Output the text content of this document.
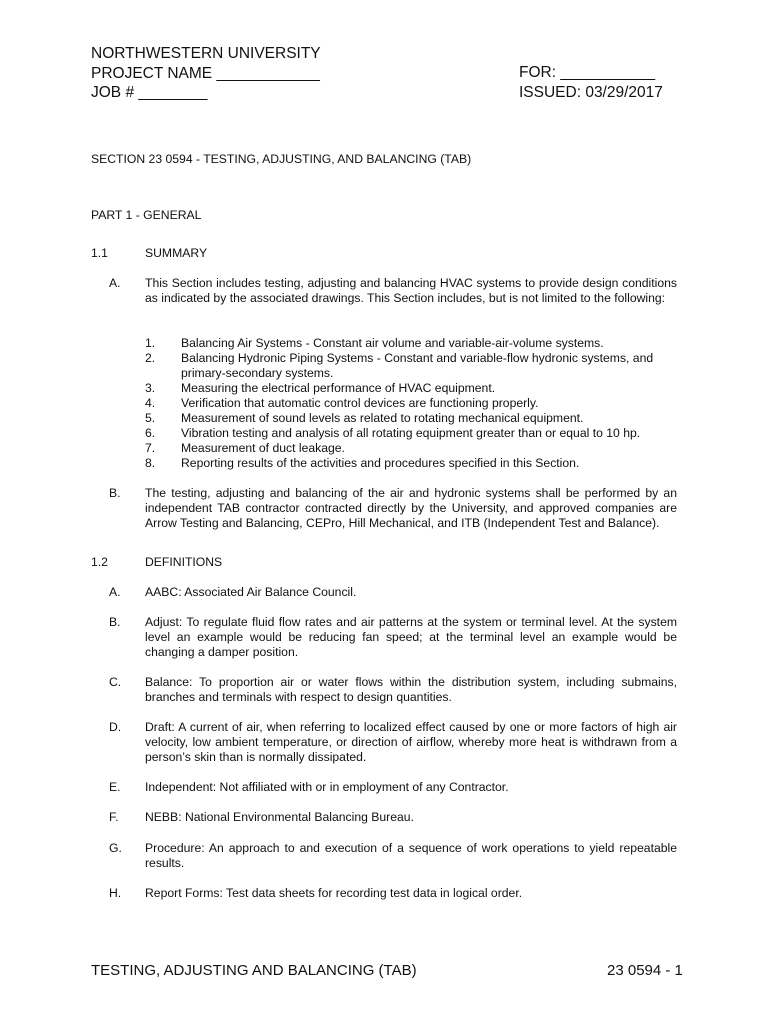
NORTHWESTERN UNIVERSITY
PROJECT NAME ____________
JOB # ________
FOR: ___________
ISSUED: 03/29/2017
SECTION 23 0594 - TESTING, ADJUSTING, AND BALANCING (TAB)
PART 1 - GENERAL
1.1	SUMMARY
A. This Section includes testing, adjusting and balancing HVAC systems to provide design conditions as indicated by the associated drawings. This Section includes, but is not limited to the following:
1. Balancing Air Systems - Constant air volume and variable-air-volume systems.
2. Balancing Hydronic Piping Systems - Constant and variable-flow hydronic systems, and primary-secondary systems.
3. Measuring the electrical performance of HVAC equipment.
4. Verification that automatic control devices are functioning properly.
5. Measurement of sound levels as related to rotating mechanical equipment.
6. Vibration testing and analysis of all rotating equipment greater than or equal to 10 hp.
7. Measurement of duct leakage.
8. Reporting results of the activities and procedures specified in this Section.
B. The testing, adjusting and balancing of the air and hydronic systems shall be performed by an independent TAB contractor contracted directly by the University, and approved companies are Arrow Testing and Balancing, CEPro, Hill Mechanical, and ITB (Independent Test and Balance).
1.2	DEFINITIONS
A. AABC: Associated Air Balance Council.
B. Adjust: To regulate fluid flow rates and air patterns at the system or terminal level. At the system level an example would be reducing fan speed; at the terminal level an example would be changing a damper position.
C. Balance: To proportion air or water flows within the distribution system, including submains, branches and terminals with respect to design quantities.
D. Draft: A current of air, when referring to localized effect caused by one or more factors of high air velocity, low ambient temperature, or direction of airflow, whereby more heat is withdrawn from a person’s skin than is normally dissipated.
E. Independent: Not affiliated with or in employment of any Contractor.
F. NEBB: National Environmental Balancing Bureau.
G. Procedure: An approach to and execution of a sequence of work operations to yield repeatable results.
H. Report Forms: Test data sheets for recording test data in logical order.
TESTING, ADJUSTING AND BALANCING (TAB)	23 0594 - 1
